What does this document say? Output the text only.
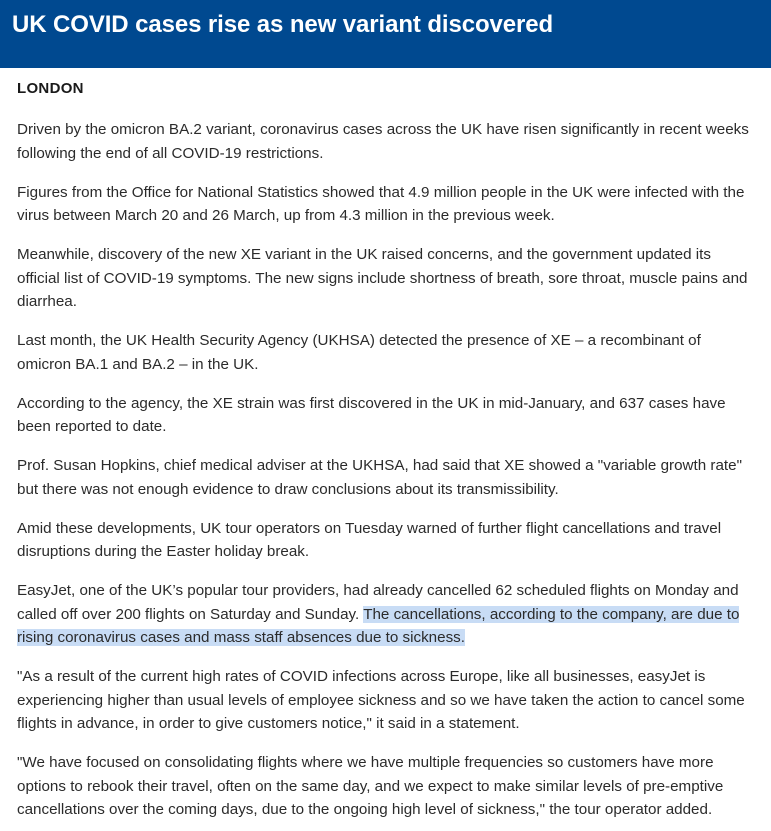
UK COVID cases rise as new variant discovered
LONDON

Driven by the omicron BA.2 variant, coronavirus cases across the UK have risen significantly in recent weeks following the end of all COVID-19 restrictions.

Figures from the Office for National Statistics showed that 4.9 million people in the UK were infected with the virus between March 20 and 26 March, up from 4.3 million in the previous week.

Meanwhile, discovery of the new XE variant in the UK raised concerns, and the government updated its official list of COVID-19 symptoms. The new signs include shortness of breath, sore throat, muscle pains and diarrhea.

Last month, the UK Health Security Agency (UKHSA) detected the presence of XE – a recombinant of omicron BA.1 and BA.2 – in the UK.

According to the agency, the XE strain was first discovered in the UK in mid-January, and 637 cases have been reported to date.

Prof. Susan Hopkins, chief medical adviser at the UKHSA, had said that XE showed a "variable growth rate" but there was not enough evidence to draw conclusions about its transmissibility.

Amid these developments, UK tour operators on Tuesday warned of further flight cancellations and travel disruptions during the Easter holiday break.

EasyJet, one of the UK’s popular tour providers, had already cancelled 62 scheduled flights on Monday and called off over 200 flights on Saturday and Sunday. The cancellations, according to the company, are due to rising coronavirus cases and mass staff absences due to sickness.

"As a result of the current high rates of COVID infections across Europe, like all businesses, easyJet is experiencing higher than usual levels of employee sickness and so we have taken the action to cancel some flights in advance, in order to give customers notice," it said in a statement.

"We have focused on consolidating flights where we have multiple frequencies so customers have more options to rebook their travel, often on the same day, and we expect to make similar levels of pre-emptive cancellations over the coming days, due to the ongoing high level of sickness," the tour operator added.
